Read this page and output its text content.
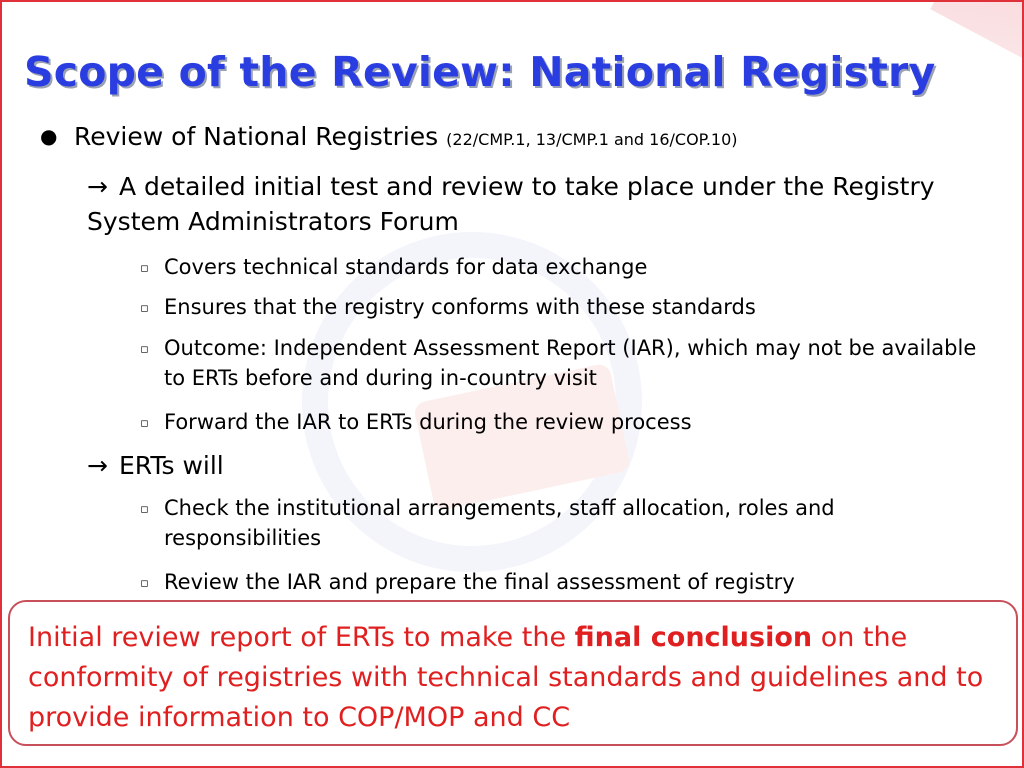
Scope of the Review: National Registry
● Review of National Registries (22/CMP.1, 13/CMP.1 and 16/COP.10)
→ A detailed initial test and review to take place under the Registry System Administrators Forum
▫ Covers technical standards for data exchange
▫ Ensures that the registry conforms with these standards
▫ Outcome: Independent Assessment Report (IAR), which may not be available to ERTs before and during in-country visit
▫ Forward the IAR to ERTs during the review process
→ ERTs will
▫ Check the institutional arrangements, staff allocation, roles and responsibilities
▫ Review the IAR and prepare the final assessment of registry
Initial review report of ERTs to make the final conclusion on the conformity of registries with technical standards and guidelines and to provide information to COP/MOP and CC
